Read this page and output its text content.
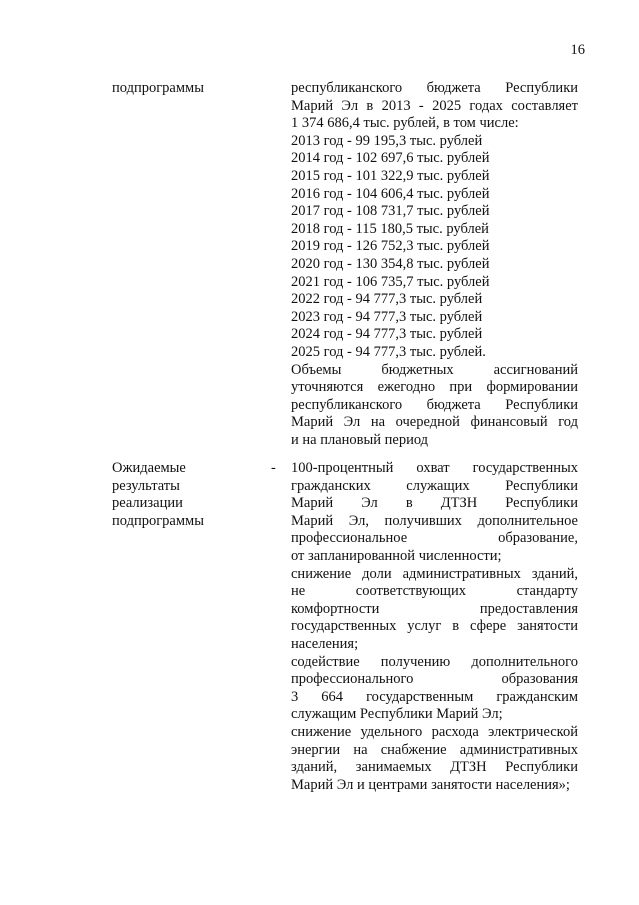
16
подпрограммы	республиканского бюджета Республики
Марий Эл в 2013 - 2025 годах составляет
1 374 686,4 тыс. рублей, в том числе:
2013 год - 99 195,3 тыс. рублей
2014 год - 102 697,6 тыс. рублей
2015 год - 101 322,9 тыс. рублей
2016 год - 104 606,4 тыс. рублей
2017 год - 108 731,7 тыс. рублей
2018 год - 115 180,5 тыс. рублей
2019 год - 126 752,3 тыс. рублей
2020 год - 130 354,8 тыс. рублей
2021 год - 106 735,7 тыс. рублей
2022 год - 94 777,3 тыс. рублей
2023 год - 94 777,3 тыс. рублей
2024 год - 94 777,3 тыс. рублей
2025 год - 94 777,3 тыс. рублей.
Объемы бюджетных ассигнований
уточняются ежегодно при формировании
республиканского бюджета Республики
Марий Эл на очередной финансовый год
и на плановый период
Ожидаемые
результаты
реализации
подпрограммы
- 100-процентный охват государственных
гражданских служащих Республики
Марий Эл в ДТЗН Республики
Марий Эл, получивших дополнительное
профессиональное образование,
от запланированной численности;
снижение доли административных зданий,
не соответствующих стандарту
комфортности предоставления
государственных услуг в сфере занятости
населения;
содействие получению дополнительного
профессионального образования
3 664 государственным гражданским
служащим Республики Марий Эл;
снижение удельного расхода электрической
энергии на снабжение административных
зданий, занимаемых ДТЗН Республики
Марий Эл и центрами занятости населения»;
